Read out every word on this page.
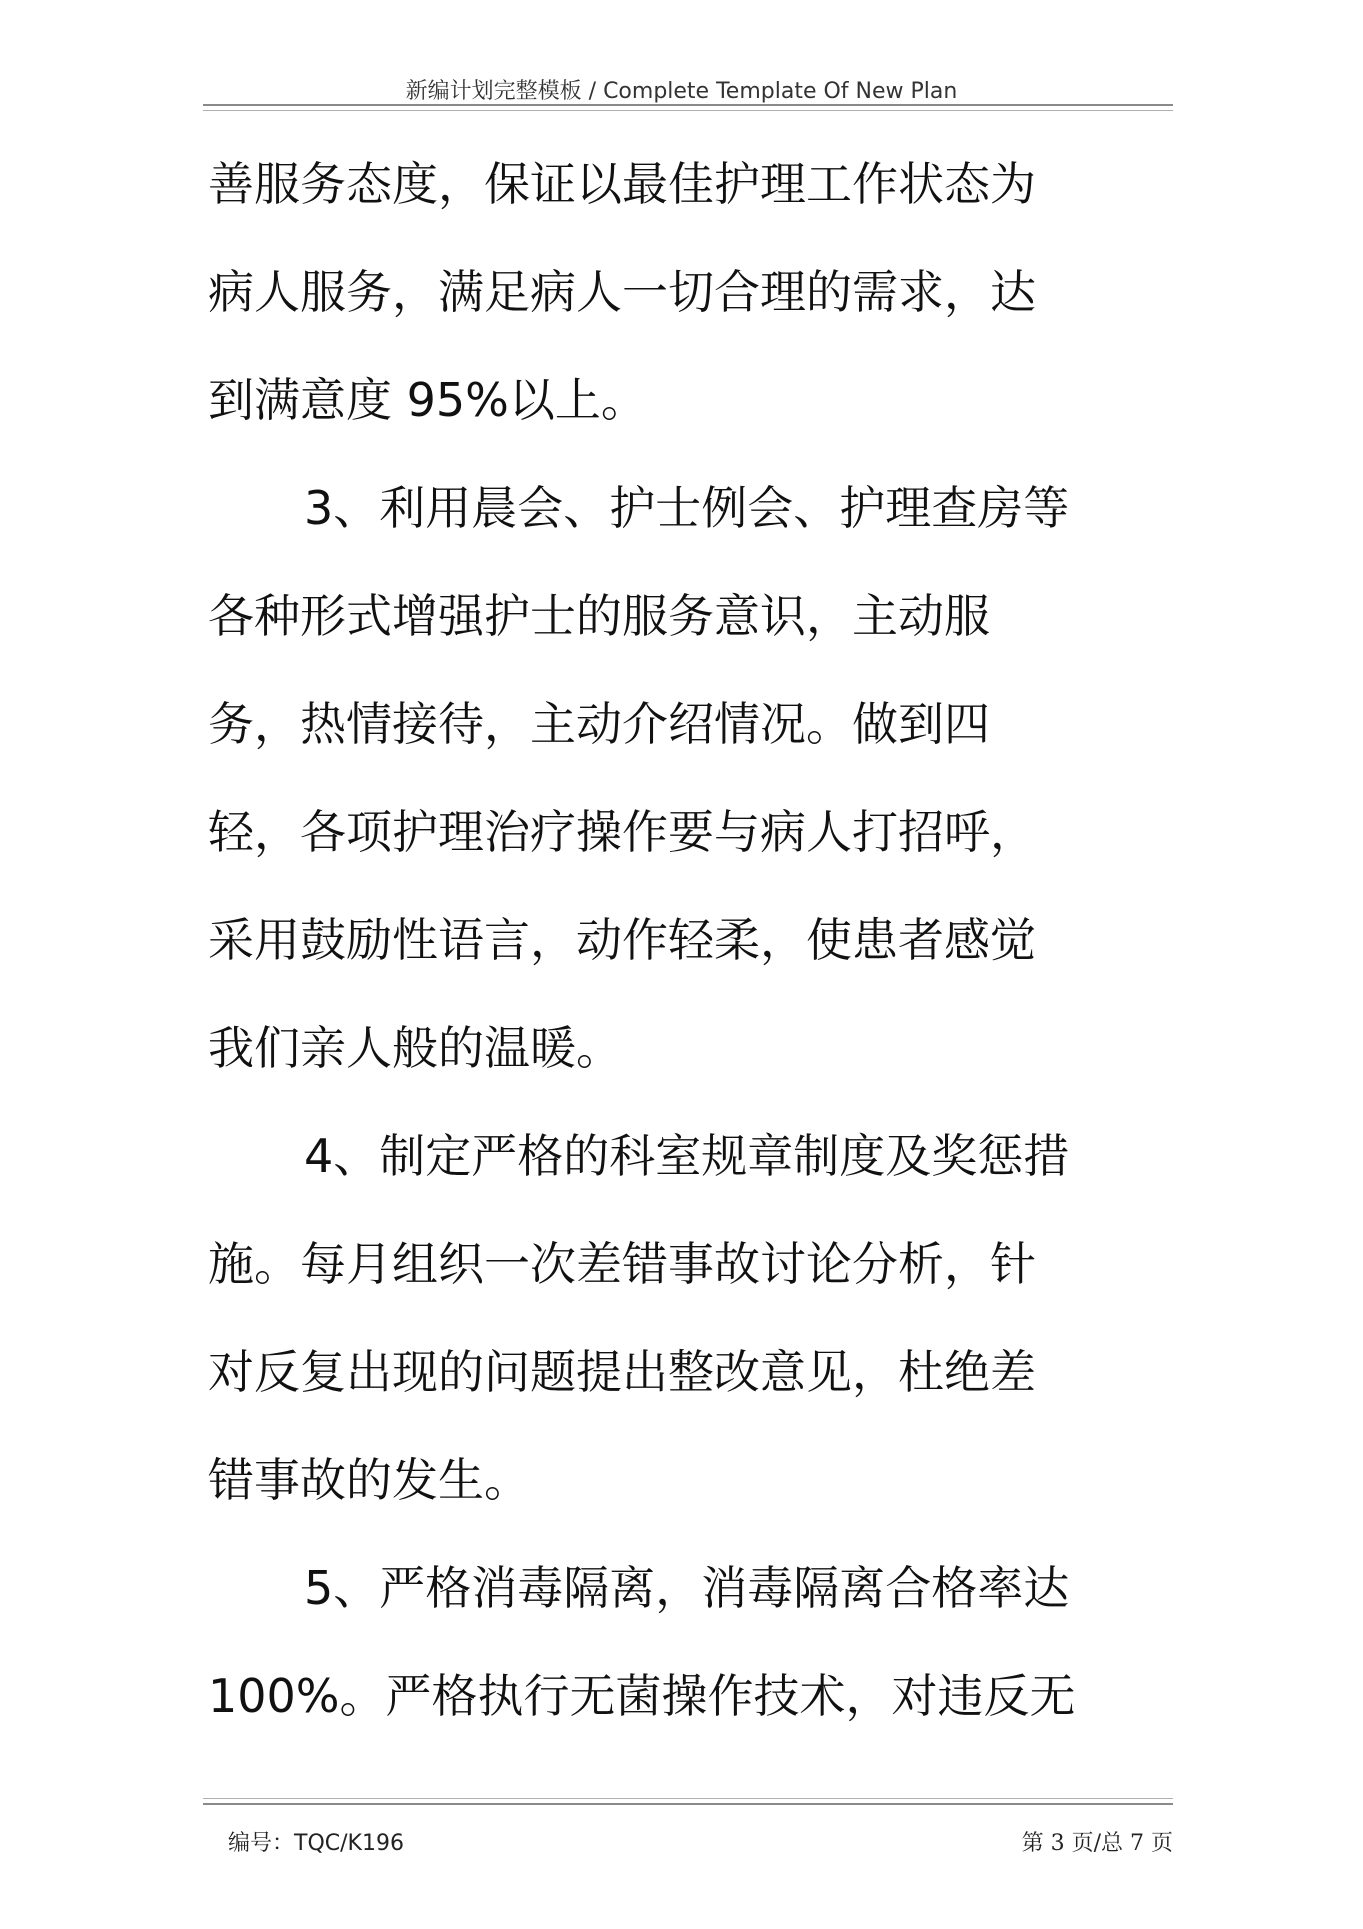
新编计划完整模板 / Complete Template Of New Plan
善服务态度，保证以最佳护理工作状态为
病人服务，满足病人一切合理的需求，达
到满意度 95%以上。
3、利用晨会、护士例会、护理查房等
各种形式增强护士的服务意识，主动服
务，热情接待，主动介绍情况。做到四
轻，各项护理治疗操作要与病人打招呼，
采用鼓励性语言，动作轻柔，使患者感觉
我们亲人般的温暖。
4、制定严格的科室规章制度及奖惩措
施。每月组织一次差错事故讨论分析，针
对反复出现的问题提出整改意见，杜绝差
错事故的发生。
5、严格消毒隔离，消毒隔离合格率达
100%。严格执行无菌操作技术，对违反无
编号：TQC/K196	第 3 页/总 7 页
